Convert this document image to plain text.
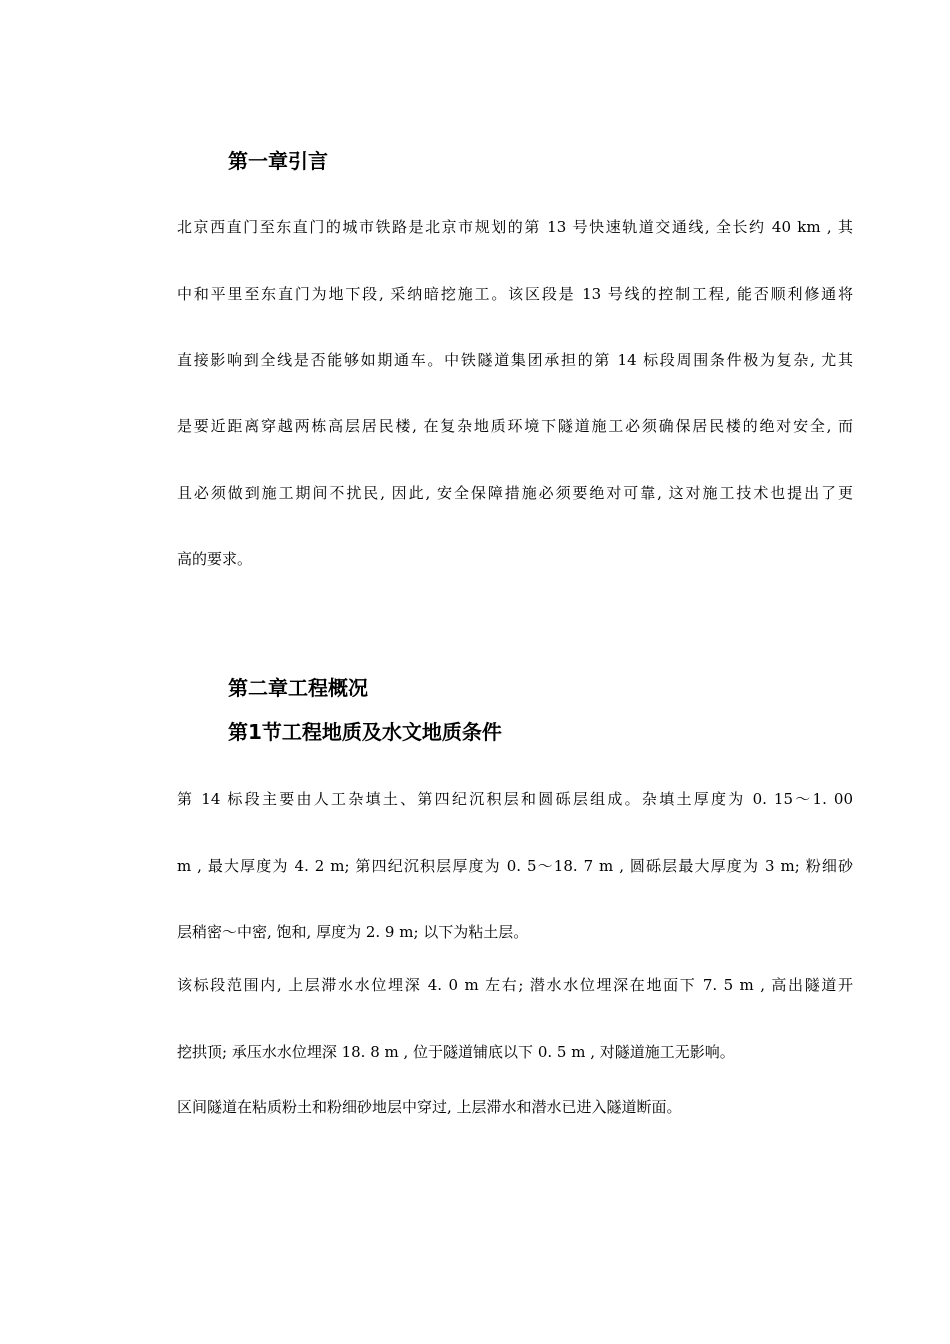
第一章引言
北京西直门至东直门的城市铁路是北京市规划的第 13 号快速轨道交通线, 全长约 40 km , 其
中和平里至东直门为地下段, 采纳暗挖施工。该区段是 13 号线的控制工程, 能否顺利修通将
直接影响到全线是否能够如期通车。中铁隧道集团承担的第 14 标段周围条件极为复杂, 尤其
是要近距离穿越两栋高层居民楼, 在复杂地质环境下隧道施工必须确保居民楼的绝对安全, 而
且必须做到施工期间不扰民, 因此, 安全保障措施必须要绝对可靠, 这对施工技术也提出了更
高的要求。
第二章工程概况
第1节工程地质及水文地质条件
第 14 标段主要由人工杂填土、第四纪沉积层和圆砾层组成。杂填土厚度为 0. 15～1. 00
m , 最大厚度为 4. 2 m; 第四纪沉积层厚度为 0. 5～18. 7 m , 圆砾层最大厚度为 3 m; 粉细砂
层稍密～中密, 饱和, 厚度为 2. 9 m; 以下为粘土层。
该标段范围内, 上层滞水水位埋深 4. 0 m 左右; 潜水水位埋深在地面下 7. 5 m , 高出隧道开
挖拱顶; 承压水水位埋深 18. 8 m , 位于隧道铺底以下 0. 5 m , 对隧道施工无影响。
区间隧道在粘质粉土和粉细砂地层中穿过, 上层滞水和潜水已进入隧道断面。
